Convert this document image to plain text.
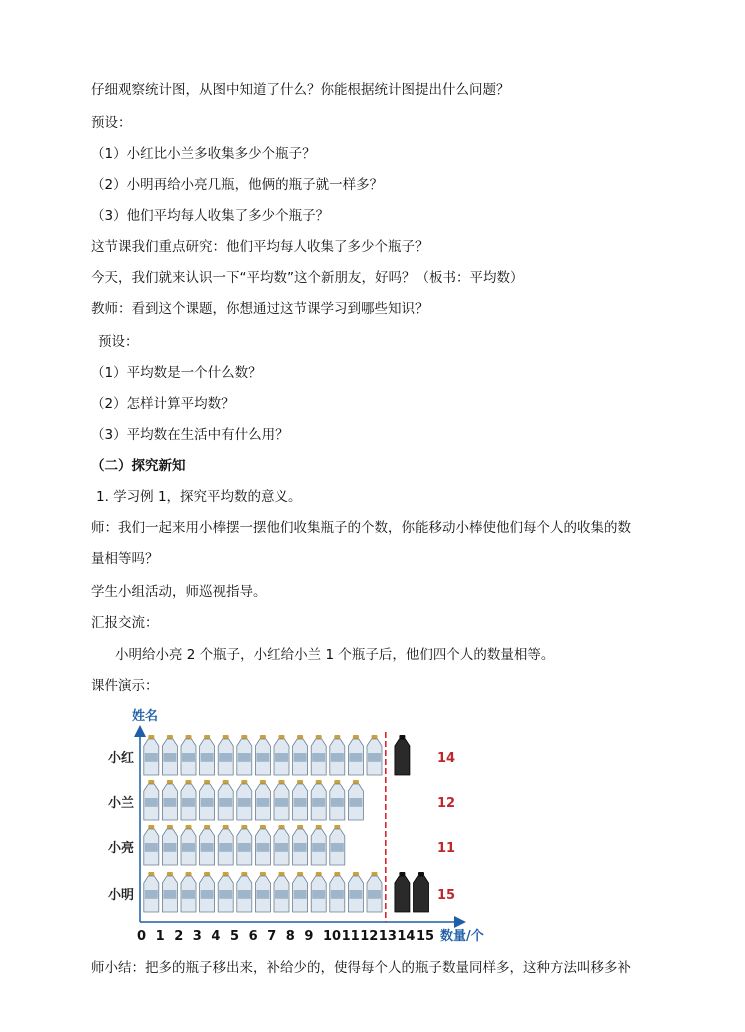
仔细观察统计图，从图中知道了什么？你能根据统计图提出什么问题？
预设：
（1）小红比小兰多收集多少个瓶子？
（2）小明再给小亮几瓶，他俩的瓶子就一样多？
（3）他们平均每人收集了多少个瓶子？
这节课我们重点研究：他们平均每人收集了多少个瓶子？
今天，我们就来认识一下“平均数”这个新朋友，好吗？（板书：平均数）
教师：看到这个课题，你想通过这节课学习到哪些知识？
预设：
（1）平均数是一个什么数？
（2）怎样计算平均数？
（3）平均数在生活中有什么用？
（二）探究新知
1. 学习例 1，探究平均数的意义。
师：我们一起来用小棒摆一摆他们收集瓶子的个数，你能移动小棒使他们每个人的收集的数
量相等吗？
学生小组活动，师巡视指导。
汇报交流：
小明给小亮 2 个瓶子，小红给小兰 1 个瓶子后，他们四个人的数量相等。
课件演示：
姓名
数量/个
小红	14
小兰	12
小亮	11
小明	15
0 1 2 3 4 5 6 7 8 9 10 11 12 13 14 15
师小结：把多的瓶子移出来，补给少的，使得每个人的瓶子数量同样多，这种方法叫移多补
